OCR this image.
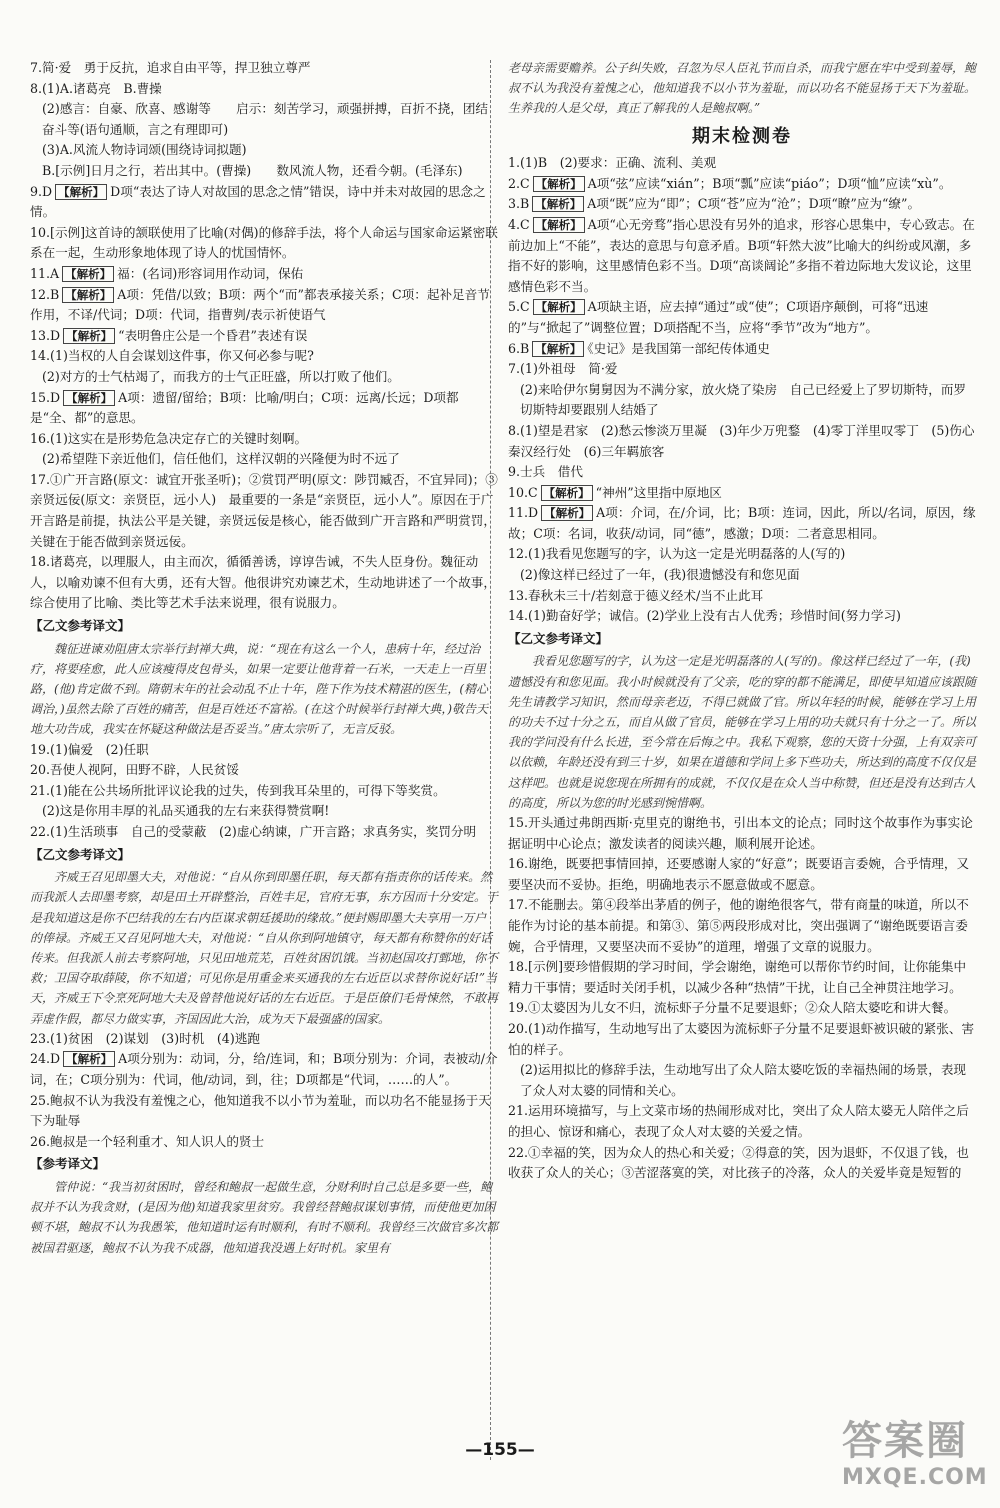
7.简·爱　勇于反抗，追求自由平等，捍卫独立尊严

8.(1)A.诸葛亮　B.曹操

(2)感言：自豪、欣喜、感谢等　　启示：刻苦学习，顽强拼搏，百折不挠，团结奋斗等(语句通顺，言之有理即可)

(3)A.风流人物诗词颂(围绕诗词拟题)

B.[示例]日月之行，若出其中。(曹操)　　数风流人物，还看今朝。(毛泽东)

9.D 【解析】 D项“表达了诗人对故国的思念之情”错误，诗中并未对故园的思念之情。

10.[示例]这首诗的颔联使用了比喻(对偶)的修辞手法，将个人命运与国家命运紧密联系在一起，生动形象地体现了诗人的忧国情怀。

11.A 【解析】 福：(名词)形容词用作动词，保佑

12.B 【解析】 A项：凭借/以致；B项：两个“而”都表承接关系；C项：起补足音节作用，不译/代词；D项：代词，指曹刿/表示祈使语气

13.D 【解析】 “表明鲁庄公是一个昏君”表述有误

14.(1)当权的人自会谋划这件事，你又何必参与呢?

(2)对方的士气枯竭了，而我方的士气正旺盛，所以打败了他们。

15.D 【解析】 A项：遗留/留给；B项：比喻/明白；C项：远离/长远；D项都是“全、都”的意思。

16.(1)这实在是形势危急决定存亡的关键时刻啊。

(2)希望陛下亲近他们，信任他们，这样汉朝的兴隆便为时不远了

17.①广开言路(原文：诚宜开张圣听)；②赏罚严明(原文：陟罚臧否，不宜异同)；③亲贤远佞(原文：亲贤臣，远小人)　最重要的一条是“亲贤臣，远小人”。原因在于广开言路是前提，执法公平是关键，亲贤远佞是核心，能否做到广开言路和严明赏罚，关键在于能否做到亲贤远佞。

18.诸葛亮，以理服人，由主而次，循循善诱，谆谆告诫，不失人臣身份。魏征动人，以喻劝谏不但有大勇，还有大智。他很讲究劝谏艺术，生动地讲述了一个故事，综合使用了比喻、类比等艺术手法来说理，很有说服力。

【乙文参考译文】

魏征进谏劝阻唐太宗举行封禅大典，说：“现在有这么一个人，患病十年，经过治疗，将要痊愈，此人应该瘦得皮包骨头，如果一定要让他背着一石米，一天走上一百里路，(他)肯定做不到。隋朝末年的社会动乱不止十年，陛下作为技术精湛的医生，(精心调治，)虽然去除了百姓的痛苦，但是百姓还不富裕。(在这个时候举行封禅大典，)敬告天地大功告成，我实在怀疑这种做法是否妥当。”唐太宗听了，无言反驳。

19.(1)偏爱　(2)任职

20.吾使人视阿，田野不辟，人民贫馁

21.(1)能在公共场所批评议论我的过失，传到我耳朵里的，可得下等奖赏。

(2)这是你用丰厚的礼品买通我的左右来获得赞赏啊!

22.(1)生活琐事　自己的受蒙蔽　(2)虚心纳谏，广开言路；求真务实，奖罚分明

【乙文参考译文】

齐威王召见即墨大夫，对他说：“自从你到即墨任职，每天都有指责你的话传来。然而我派人去即墨考察，却是田土开辟整治，百姓丰足，官府无事，东方因而十分安定。于是我知道这是你不巴结我的左右内臣谋求朝廷援助的缘故。”便封赐即墨大夫享用一万户的俸禄。齐威王又召见阿地大夫，对他说：“自从你到阿地镇守，每天都有称赞你的好话传来。但我派人前去考察阿地，只见田地荒芜，百姓贫困饥饿。当初赵国攻打鄄地，你不救；卫国夺取薛陵，你不知道；可见你是用重金来买通我的左右近臣以求替你说好话!”当天，齐威王下令烹死阿地大夫及曾替他说好话的左右近臣。于是臣僚们毛骨悚然，不敢再弄虚作假，都尽力做实事，齐国因此大治，成为天下最强盛的国家。

23.(1)贫困　(2)谋划　(3)时机　(4)逃跑

24.D 【解析】 A项分别为：动词，分，给/连词，和；B项分别为：介词，表被动/介词，在；C项分别为：代词，他/动词，到，往；D项都是“代词，……的人”。

25.鲍叔不认为我没有羞愧之心，他知道我不以小节为羞耻，而以功名不能显扬于天下为耻辱

26.鲍叔是一个轻利重才、知人识人的贤士

【参考译文】

管仲说：“我当初贫困时，曾经和鲍叔一起做生意，分财利时自己总是多要一些，鲍叔并不认为我贪财，(是因为他)知道我家里贫穷。我曾经替鲍叔谋划事情，而使他更加困顿不堪，鲍叔不认为我愚笨，他知道时运有时顺利，有时不顺利。我曾经三次做官多次都被国君驱逐，鲍叔不认为我不成器，他知道我没遇上好时机。家里有

老母亲需要赡养。公子纠失败，召忽为尽人臣礼节而自杀，而我宁愿在牢中受到羞辱，鲍叔不认为我没有羞愧之心，他知道我不以小节为羞耻，而以功名不能显扬于天下为羞耻。生养我的人是父母，真正了解我的人是鲍叔啊。”

期末检测卷

1.(1)B　(2)要求：正确、流利、美观

2.C 【解析】 A项“弦”应读“xián”；B项“瓢”应读“piáo”；D项“恤”应读“xù”。

3.B 【解析】 A项“既”应为“即”；C项“苍”应为“沧”；D项“瞭”应为“缭”。

4.C 【解析】 A项“心无旁骛”指心思没有另外的追求，形容心思集中，专心致志。在前边加上“不能”，表达的意思与句意矛盾。B项“轩然大波”比喻大的纠纷或风潮，多指不好的影响，这里感情色彩不当。D项“高谈阔论”多指不着边际地大发议论，这里感情色彩不当。

5.C 【解析】 A项缺主语，应去掉“通过”或“使”；C项语序颠倒，可将“迅速的”与“掀起了”调整位置；D项搭配不当，应将“季节”改为“地方”。

6.B 【解析】 《史记》是我国第一部纪传体通史

7.(1)外祖母　简·爱

(2)来哈伊尔舅舅因为不满分家，放火烧了染房　自己已经爱上了罗切斯特，而罗切斯特却要跟别人结婚了

8.(1)望是君家　(2)愁云惨淡万里凝　(3)年少万兜鍪　(4)零丁洋里叹零丁　(5)伤心秦汉经行处　(6)三年羁旅客

9.士兵　借代

10.C 【解析】 “神州”这里指中原地区

11.D 【解析】 A项：介词，在/介词，比；B项：连词，因此，所以/名词，原因，缘故；C项：名词，收获/动词，同“德”，感激；D项：二者意思相同。

12.(1)我看见您题写的字，认为这一定是光明磊落的人(写的)

(2)像这样已经过了一年，(我)很遗憾没有和您见面

13.春秋未三十/若刻意于德义经术/当不止此耳

14.(1)勤奋好学；诚信。(2)学业上没有古人优秀；珍惜时间(努力学习)

【乙文参考译文】

我看见您题写的字，认为这一定是光明磊落的人(写的)。像这样已经过了一年，(我)遗憾没有和您见面。我小时候就没有了父亲，吃的穿的都不能满足，即使早知道应该跟随先生请教学习知识，然而母亲老迈，不得已就做了官。所以年轻的时候，能够在学习上用的功夫不过十分之五，而自从做了官员，能够在学习上用的功夫就只有十分之一了。所以我的学问没有什么长进，至今常在后悔之中。我私下观察，您的天资十分强，上有双亲可以依赖，年龄还没有到三十岁，如果在道德和学问上多下些功夫，所达到的高度不仅仅是这样吧。也就是说您现在所拥有的成就，不仅仅是在众人当中称赞，但还是没有达到古人的高度，所以为您的时光感到惋惜啊。

15.开头通过弗朗西斯·克里克的谢绝书，引出本文的论点；同时这个故事作为事实论据证明中心论点；激发读者的阅读兴趣，顺利展开论述。

16.谢绝，既要把事情回掉，还要感谢人家的“好意”；既要语言委婉，合乎情理，又要坚决而不妥协。拒绝，明确地表示不愿意做或不愿意。

17.不能删去。第④段举出茅盾的例子，他的谢绝很客气，带有商量的味道，所以不能作为讨论的基本前提。和第③、第⑤两段形成对比，突出强调了“谢绝既要语言委婉，合乎情理，又要坚决而不妥协”的道理，增强了文章的说服力。

18.[示例]要珍惜假期的学习时间，学会谢绝，谢绝可以帮你节约时间，让你能集中精力干事情；要适时关闭手机，以减少各种“热情”干扰，让自己全神贯注地学习。

19.①太婆因为儿女不归，流标虾子分量不足要退虾；②众人陪太婆吃和讲大餐。

20.(1)动作描写，生动地写出了太婆因为流标虾子分量不足要退虾被识破的紧张、害怕的样子。

(2)运用拟比的修辞手法，生动地写出了众人陪太婆吃饭的幸福热闹的场景，表现了众人对太婆的同情和关心。

21.运用环境描写，与上文菜市场的热闹形成对比，突出了众人陪太婆无人陪伴之后的担心、惊讶和痛心，表现了众人对太婆的关爱之情。

22.①幸福的笑，因为众人的热心和关爱；②得意的笑，因为退虾，不仅退了钱，也收获了众人的关心；③苦涩落寞的笑，对比孩子的冷落，众人的关爱毕竟是短暂的

—155—	答案圈
MXQE.COM
